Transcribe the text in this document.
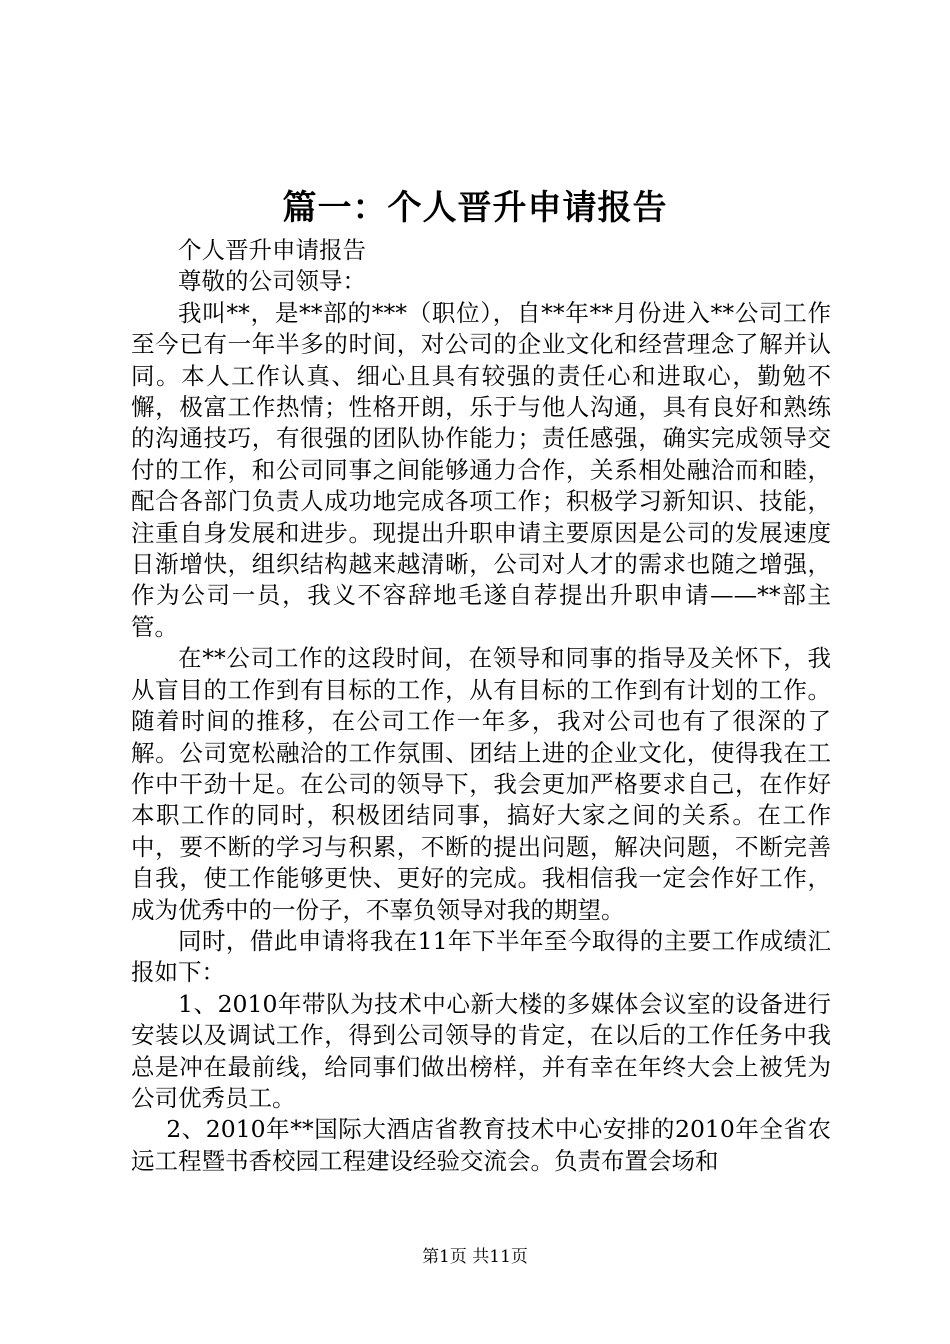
篇一：个人晋升申请报告

个人晋升申请报告

尊敬的公司领导：

我叫**，是**部的***（职位），自**年**月份进入**公司工作至今已有一年半多的时间，对公司的企业文化和经营理念了解并认同。本人工作认真、细心且具有较强的责任心和进取心，勤勉不懈，极富工作热情；性格开朗，乐于与他人沟通，具有良好和熟练的沟通技巧，有很强的团队协作能力；责任感强，确实完成领导交付的工作，和公司同事之间能够通力合作，关系相处融洽而和睦，配合各部门负责人成功地完成各项工作；积极学习新知识、技能，注重自身发展和进步。现提出升职申请主要原因是公司的发展速度日渐增快，组织结构越来越清晰，公司对人才的需求也随之增强，作为公司一员，我义不容辞地毛遂自荐提出升职申请——**部主管。

在**公司工作的这段时间，在领导和同事的指导及关怀下，我从盲目的工作到有目标的工作，从有目标的工作到有计划的工作。随着时间的推移，在公司工作一年多，我对公司也有了很深的了解。公司宽松融洽的工作氛围、团结上进的企业文化，使得我在工作中干劲十足。在公司的领导下，我会更加严格要求自己，在作好本职工作的同时，积极团结同事，搞好大家之间的关系。在工作中，要不断的学习与积累，不断的提出问题，解决问题，不断完善自我，使工作能够更快、更好的完成。我相信我一定会作好工作，成为优秀中的一份子，不辜负领导对我的期望。

同时，借此申请将我在11年下半年至今取得的主要工作成绩汇报如下：

1、2010年带队为技术中心新大楼的多媒体会议室的设备进行安装以及调试工作，得到公司领导的肯定，在以后的工作任务中我总是冲在最前线，给同事们做出榜样，并有幸在年终大会上被凭为公司优秀员工。

2、2010年**国际大酒店省教育技术中心安排的2010年全省农远工程暨书香校园工程建设经验交流会。负责布置会场和

第1页 共11页
